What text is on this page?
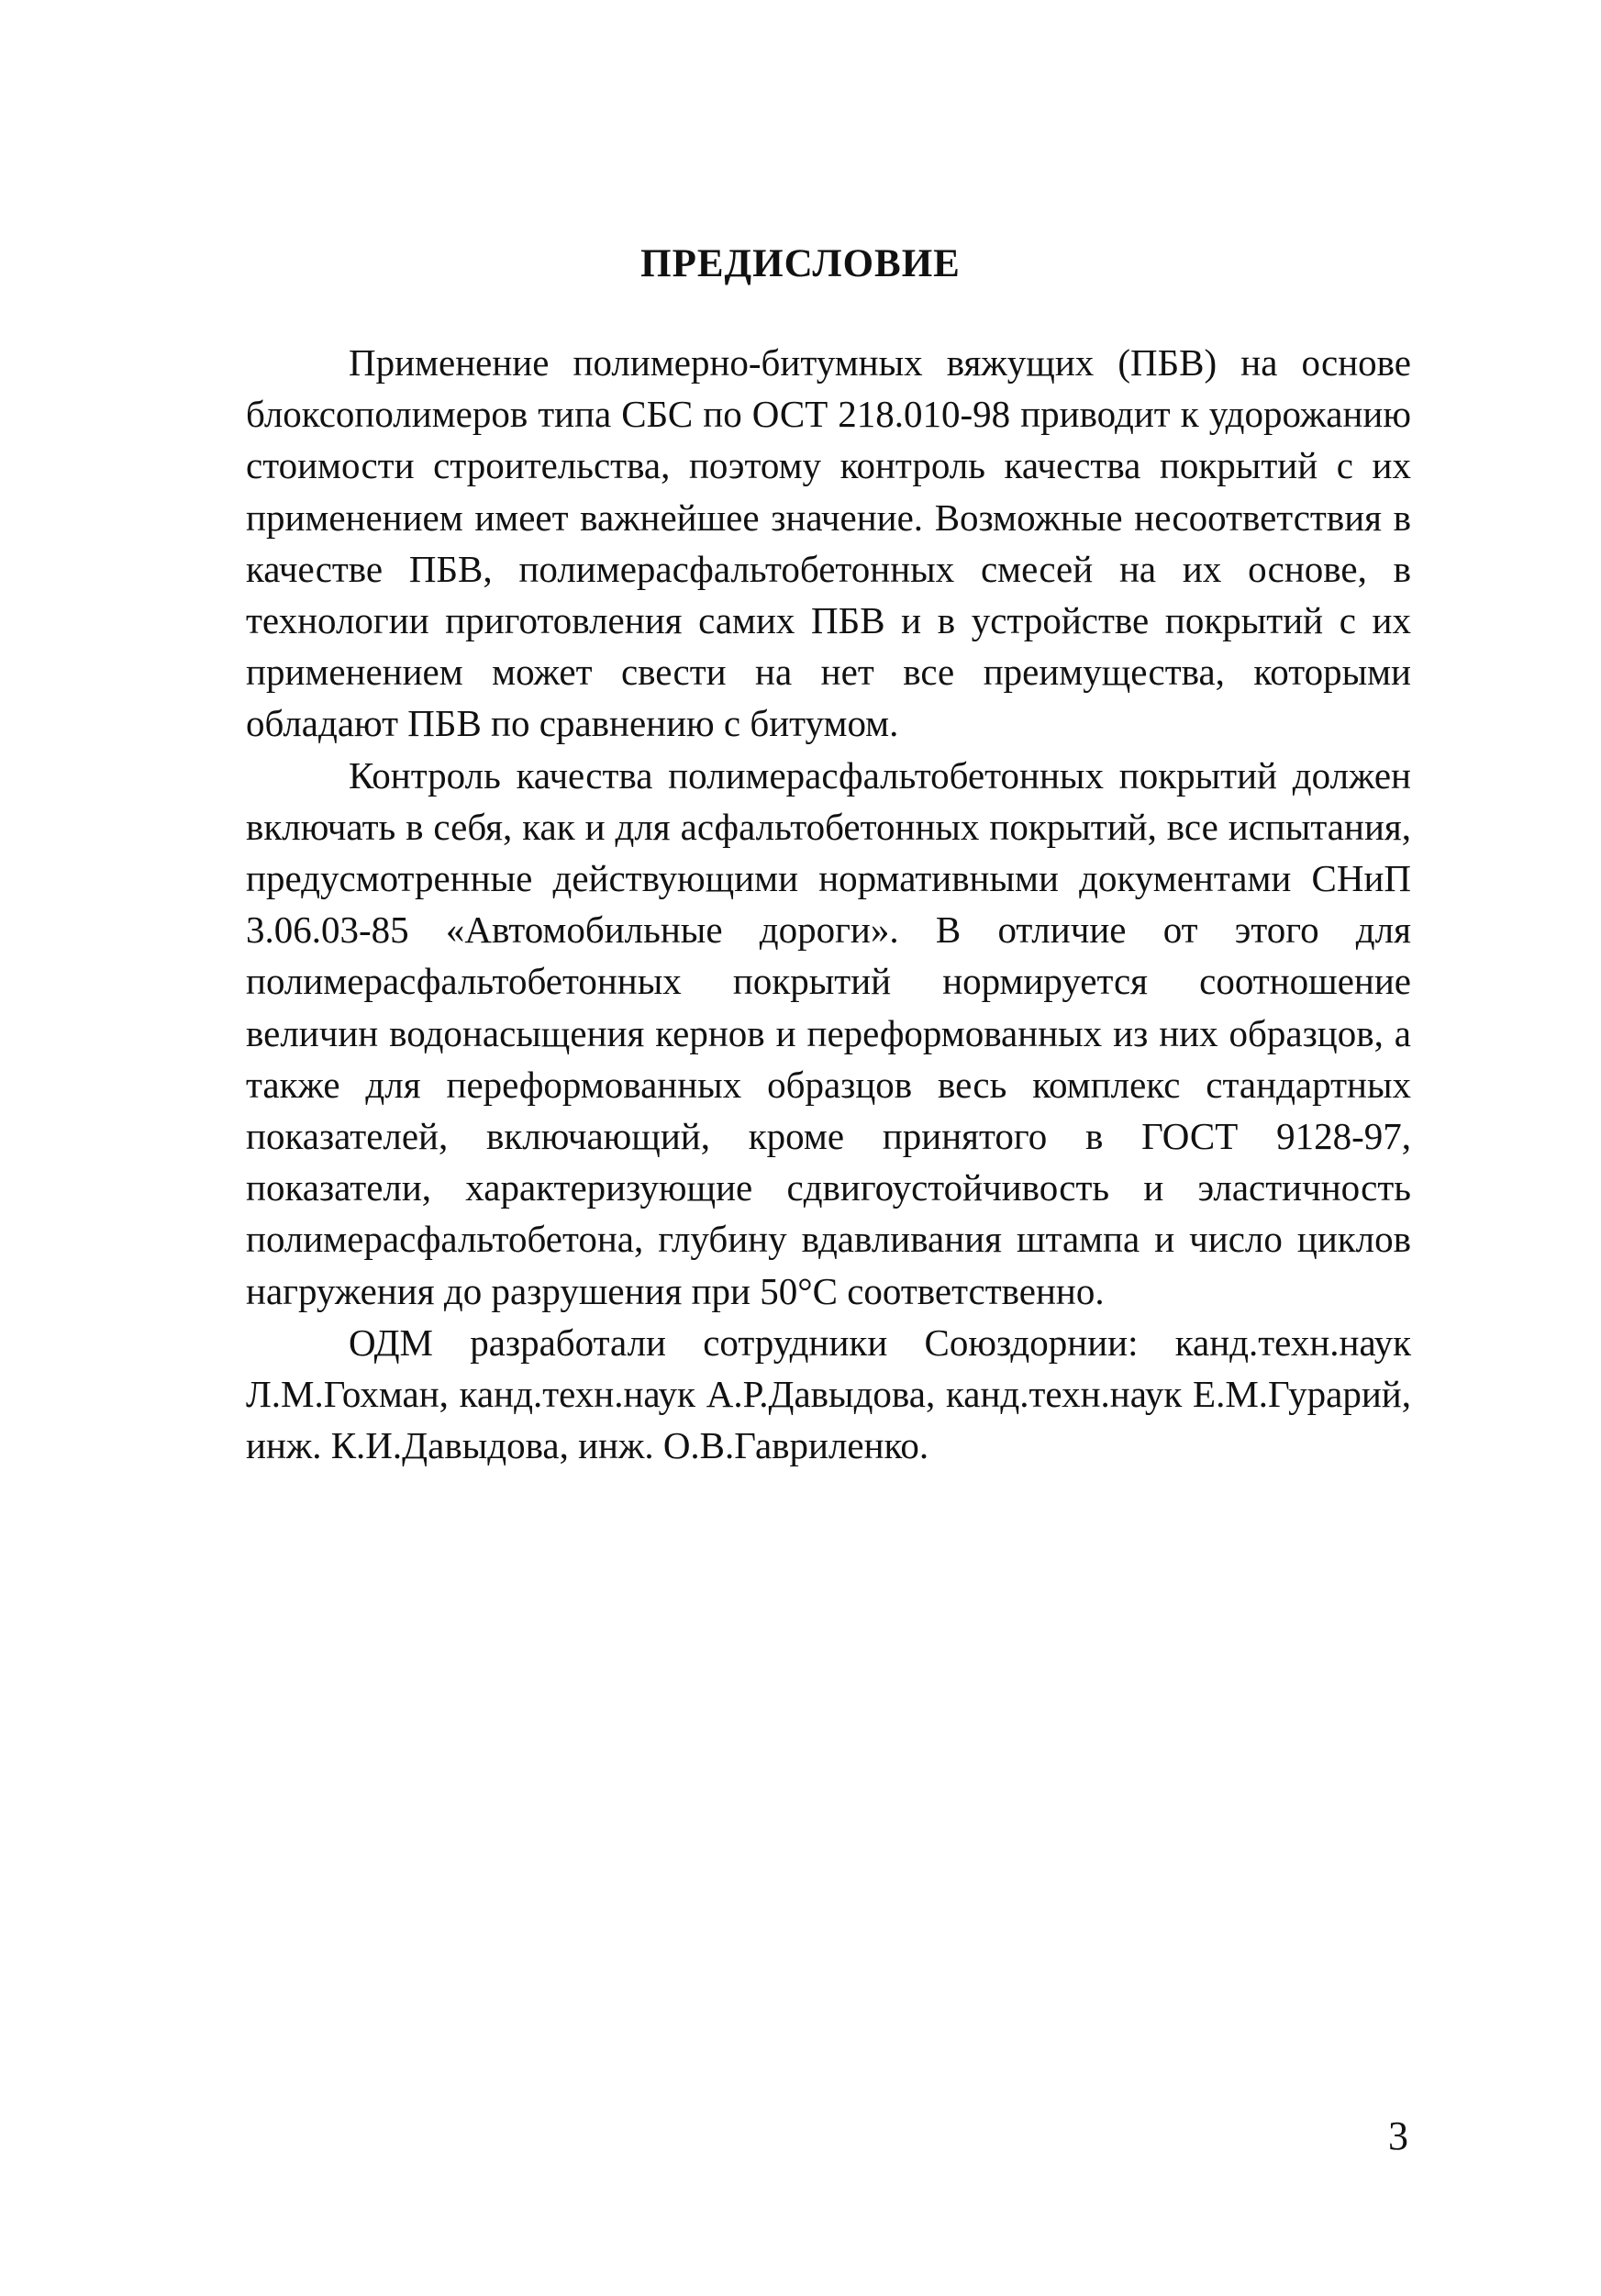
ПРЕДИСЛОВИЕ

Применение полимерно-битумных вяжущих (ПБВ) на основе блоксополимеров типа СБС по ОСТ 218.010-98 приводит к удорожанию стоимости строительства, поэтому контроль качества покрытий с их применением имеет важнейшее значение. Возможные несоответствия в качестве ПБВ, полимерасфальтобетонных смесей на их основе, в технологии приготовления самих ПБВ и в устройстве покрытий с их применением может свести на нет все преимущества, которыми обладают ПБВ по сравнению с битумом.

Контроль качества полимерасфальтобетонных покрытий должен включать в себя, как и для асфальтобетонных покрытий, все испытания, предусмотренные действующими нормативными документами СНиП 3.06.03-85 «Автомобильные дороги». В отличие от этого для полимерасфальтобетонных покрытий нормируется соотношение величин водонасыщения кернов и переформованных из них образцов, а также для переформованных образцов весь комплекс стандартных показателей, включающий, кроме принятого в ГОСТ 9128-97, показатели, характеризующие сдвигоустойчивость и эластичность полимерасфальтобетона, глубину вдавливания штампа и число циклов нагружения до разрушения при 50°С соответственно.

ОДМ разработали сотрудники Союздорнии: канд.техн.наук Л.М.Гохман, канд.техн.наук А.Р.Давыдова, канд.техн.наук Е.М.Гурарий, инж. К.И.Давыдова, инж. О.В.Гавриленко.

3
